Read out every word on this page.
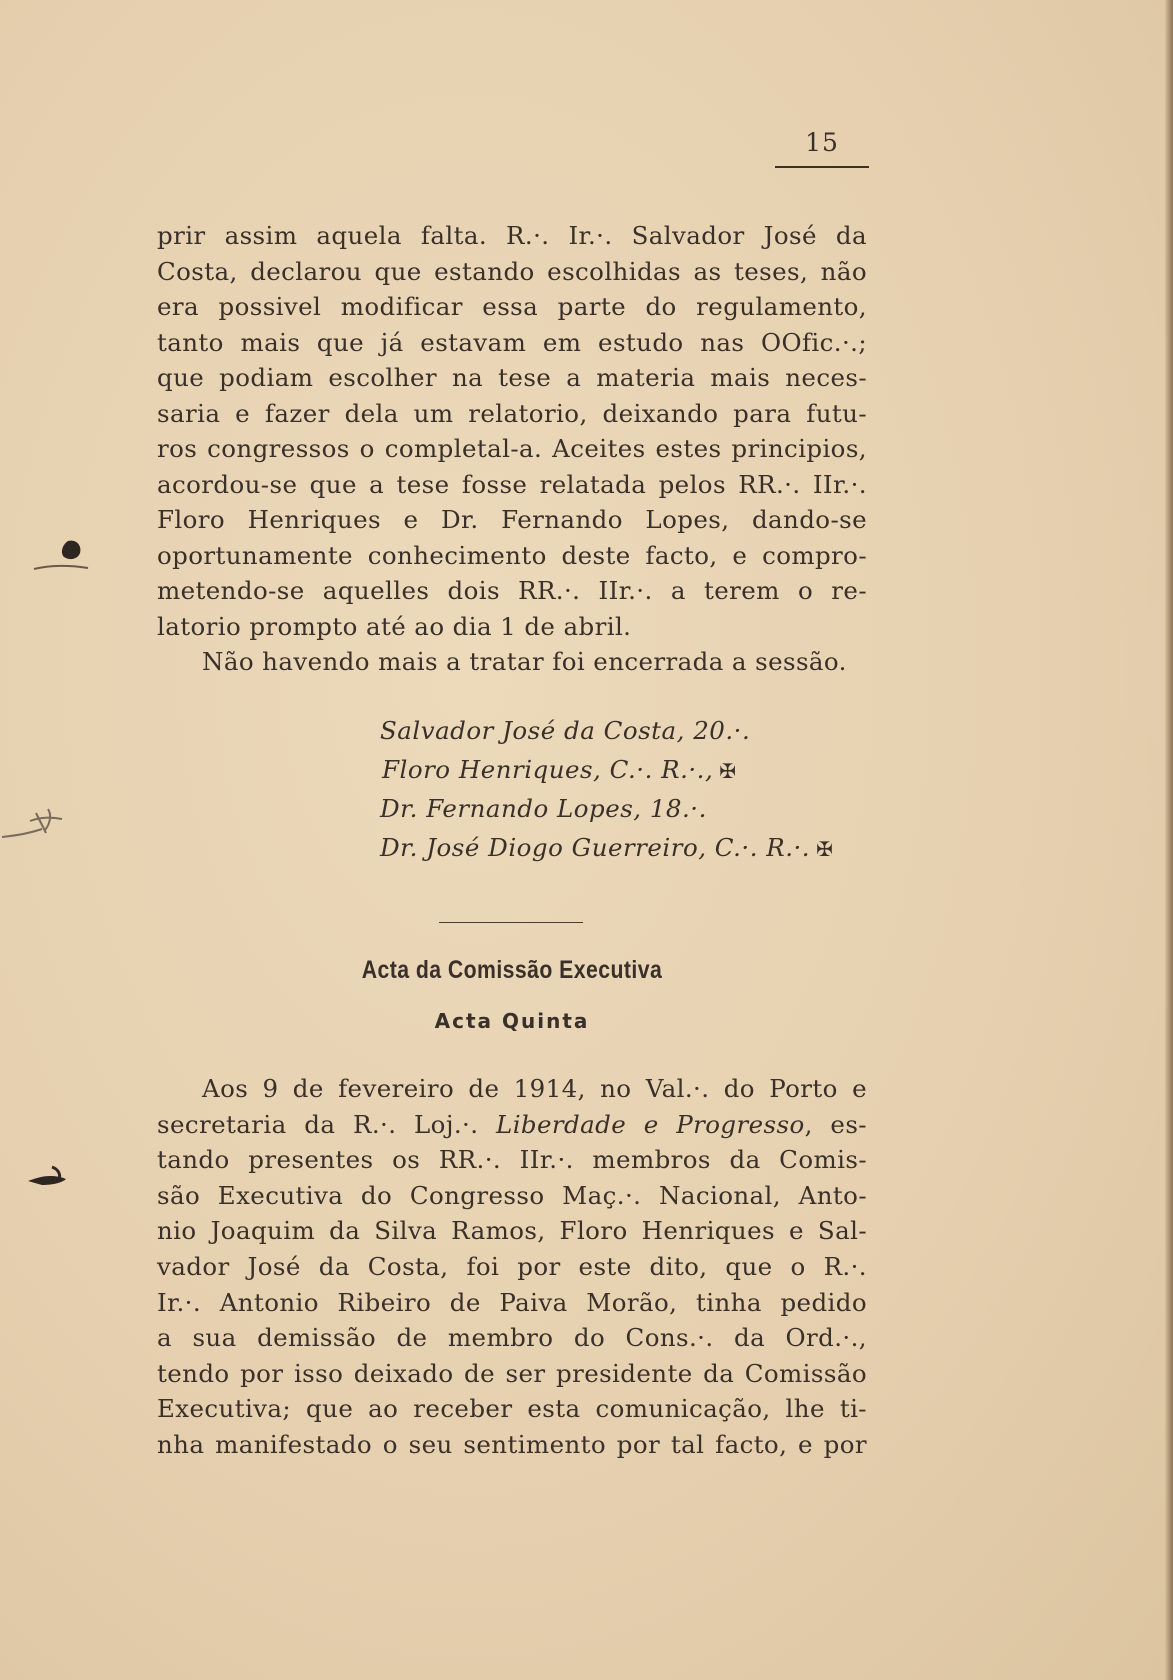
15
prir assim aquela falta. R.·. Ir.·. Salvador José da
Costa, declarou que estando escolhidas as teses, não
era possivel modificar essa parte do regulamento,
tanto mais que já estavam em estudo nas OOfic.·.;
que podiam escolher na tese a materia mais neces-
saria e fazer dela um relatorio, deixando para futu-
ros congressos o completal-a. Aceites estes principios,
acordou-se que a tese fosse relatada pelos RR.·. IIr.·.
Floro Henriques e Dr. Fernando Lopes, dando-se
oportunamente conhecimento deste facto, e compro-
metendo-se aquelles dois RR.·. IIr.·. a terem o re-
latorio prompto até ao dia 1 de abril.
Não havendo mais a tratar foi encerrada a sessão.
Salvador José da Costa, 20.·.
Floro Henriques, C.·. R.·., ✠
Dr. Fernando Lopes, 18.·.
Dr. José Diogo Guerreiro, C.·. R.·. ✠
Acta da Comissão Executiva
Acta Quinta
Aos 9 de fevereiro de 1914, no Val.·. do Porto e
secretaria da R.·. Loj.·. Liberdade e Progresso, es-
tando presentes os RR.·. IIr.·. membros da Comis-
são Executiva do Congresso Maç.·. Nacional, Anto-
nio Joaquim da Silva Ramos, Floro Henriques e Sal-
vador José da Costa, foi por este dito, que o R.·.
Ir.·. Antonio Ribeiro de Paiva Morão, tinha pedido
a sua demissão de membro do Cons.·. da Ord.·.,
tendo por isso deixado de ser presidente da Comissão
Executiva; que ao receber esta comunicação, lhe ti-
nha manifestado o seu sentimento por tal facto, e por
